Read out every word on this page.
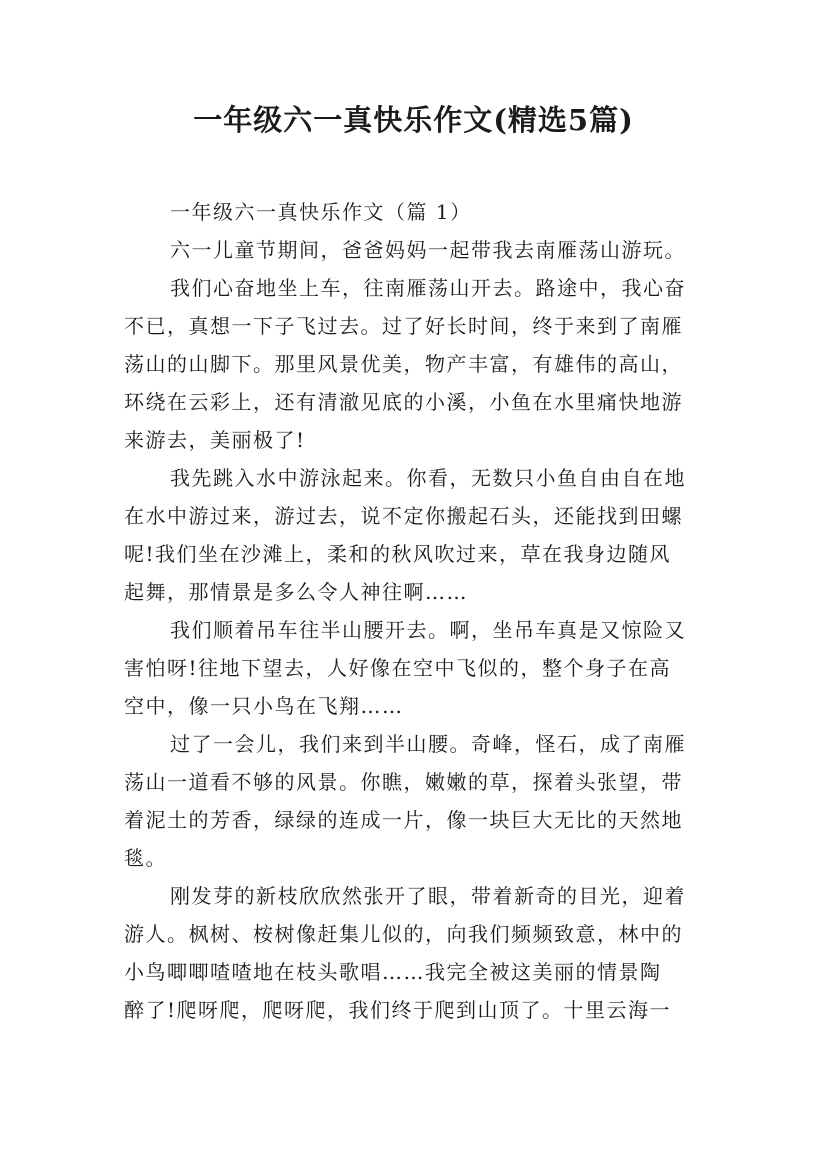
一年级六一真快乐作文(精选5篇)
一年级六一真快乐作文（篇 1）

六一儿童节期间，爸爸妈妈一起带我去南雁荡山游玩。

我们心奋地坐上车，往南雁荡山开去。路途中，我心奋
不已，真想一下子飞过去。过了好长时间，终于来到了南雁
荡山的山脚下。那里风景优美，物产丰富，有雄伟的高山，
环绕在云彩上，还有清澈见底的小溪，小鱼在水里痛快地游
来游去，美丽极了!

我先跳入水中游泳起来。你看，无数只小鱼自由自在地
在水中游过来，游过去，说不定你搬起石头，还能找到田螺
呢!我们坐在沙滩上，柔和的秋风吹过来，草在我身边随风
起舞，那情景是多么令人神往啊……

我们顺着吊车往半山腰开去。啊，坐吊车真是又惊险又
害怕呀!往地下望去，人好像在空中飞似的，整个身子在高
空中，像一只小鸟在飞翔……

过了一会儿，我们来到半山腰。奇峰，怪石，成了南雁
荡山一道看不够的风景。你瞧，嫩嫩的草，探着头张望，带
着泥土的芳香，绿绿的连成一片，像一块巨大无比的天然地
毯。

刚发芽的新枝欣欣然张开了眼，带着新奇的目光，迎着
游人。枫树、桉树像赶集儿似的，向我们频频致意，林中的
小鸟唧唧喳喳地在枝头歌唱……我完全被这美丽的情景陶
醉了!爬呀爬，爬呀爬，我们终于爬到山顶了。十里云海一
